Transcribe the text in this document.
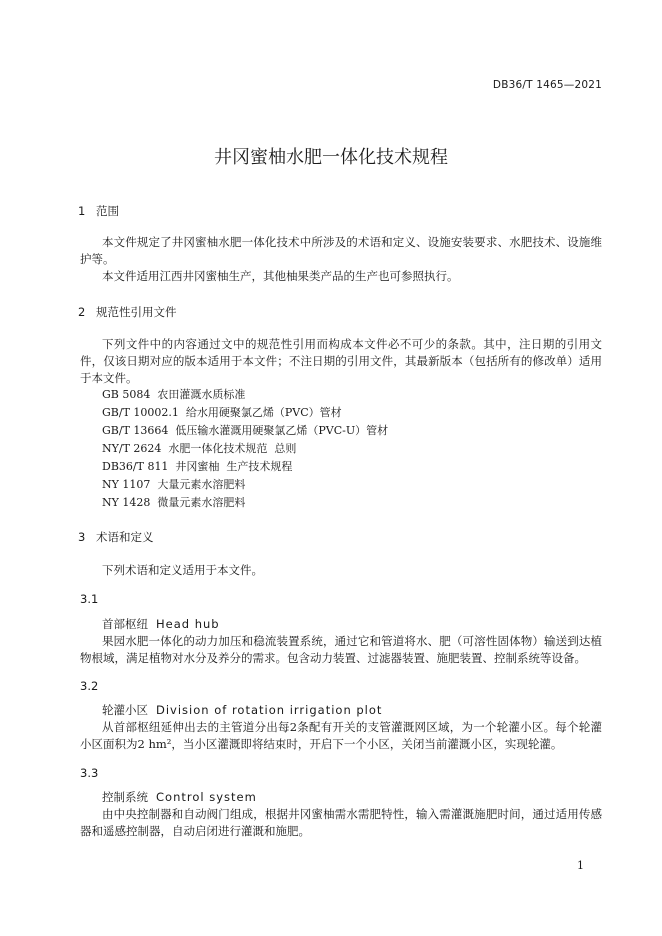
DB36/T 1465—2021
井冈蜜柚水肥一体化技术规程
1 范围

本文件规定了井冈蜜柚水肥一体化技术中所涉及的术语和定义、设施安装要求、水肥技术、设施维护等。

本文件适用江西井冈蜜柚生产，其他柚果类产品的生产也可参照执行。

2 规范性引用文件

下列文件中的内容通过文中的规范性引用而构成本文件必不可少的条款。其中，注日期的引用文件，仅该日期对应的版本适用于本文件；不注日期的引用文件，其最新版本（包括所有的修改单）适用于本文件。

GB 5084  农田灌溉水质标准
GB/T 10002.1  给水用硬聚氯乙烯（PVC）管材
GB/T 13664  低压输水灌溉用硬聚氯乙烯（PVC-U）管材
NY/T 2624  水肥一体化技术规范  总则
DB36/T 811  井冈蜜柚  生产技术规程
NY 1107  大量元素水溶肥料
NY 1428  微量元素水溶肥料
3 术语和定义

下列术语和定义适用于本文件。

3.1
首部枢纽 Head hub

果园水肥一体化的动力加压和稳流装置系统，通过它和管道将水、肥（可溶性固体物）输送到达植物根域，满足植物对水分及养分的需求。包含动力装置、过滤器装置、施肥装置、控制系统等设备。

3.2
轮灌小区 Division of rotation irrigation plot

从首部枢纽延伸出去的主管道分出每2条配有开关的支管灌溉网区域，为一个轮灌小区。每个轮灌小区面积为2 hm²，当小区灌溉即将结束时，开启下一个小区，关闭当前灌溉小区，实现轮灌。

3.3
控制系统 Control system

由中央控制器和自动阀门组成，根据井冈蜜柚需水需肥特性，输入需灌溉施肥时间，通过适用传感器和遥感控制器，自动启闭进行灌溉和施肥。

1
